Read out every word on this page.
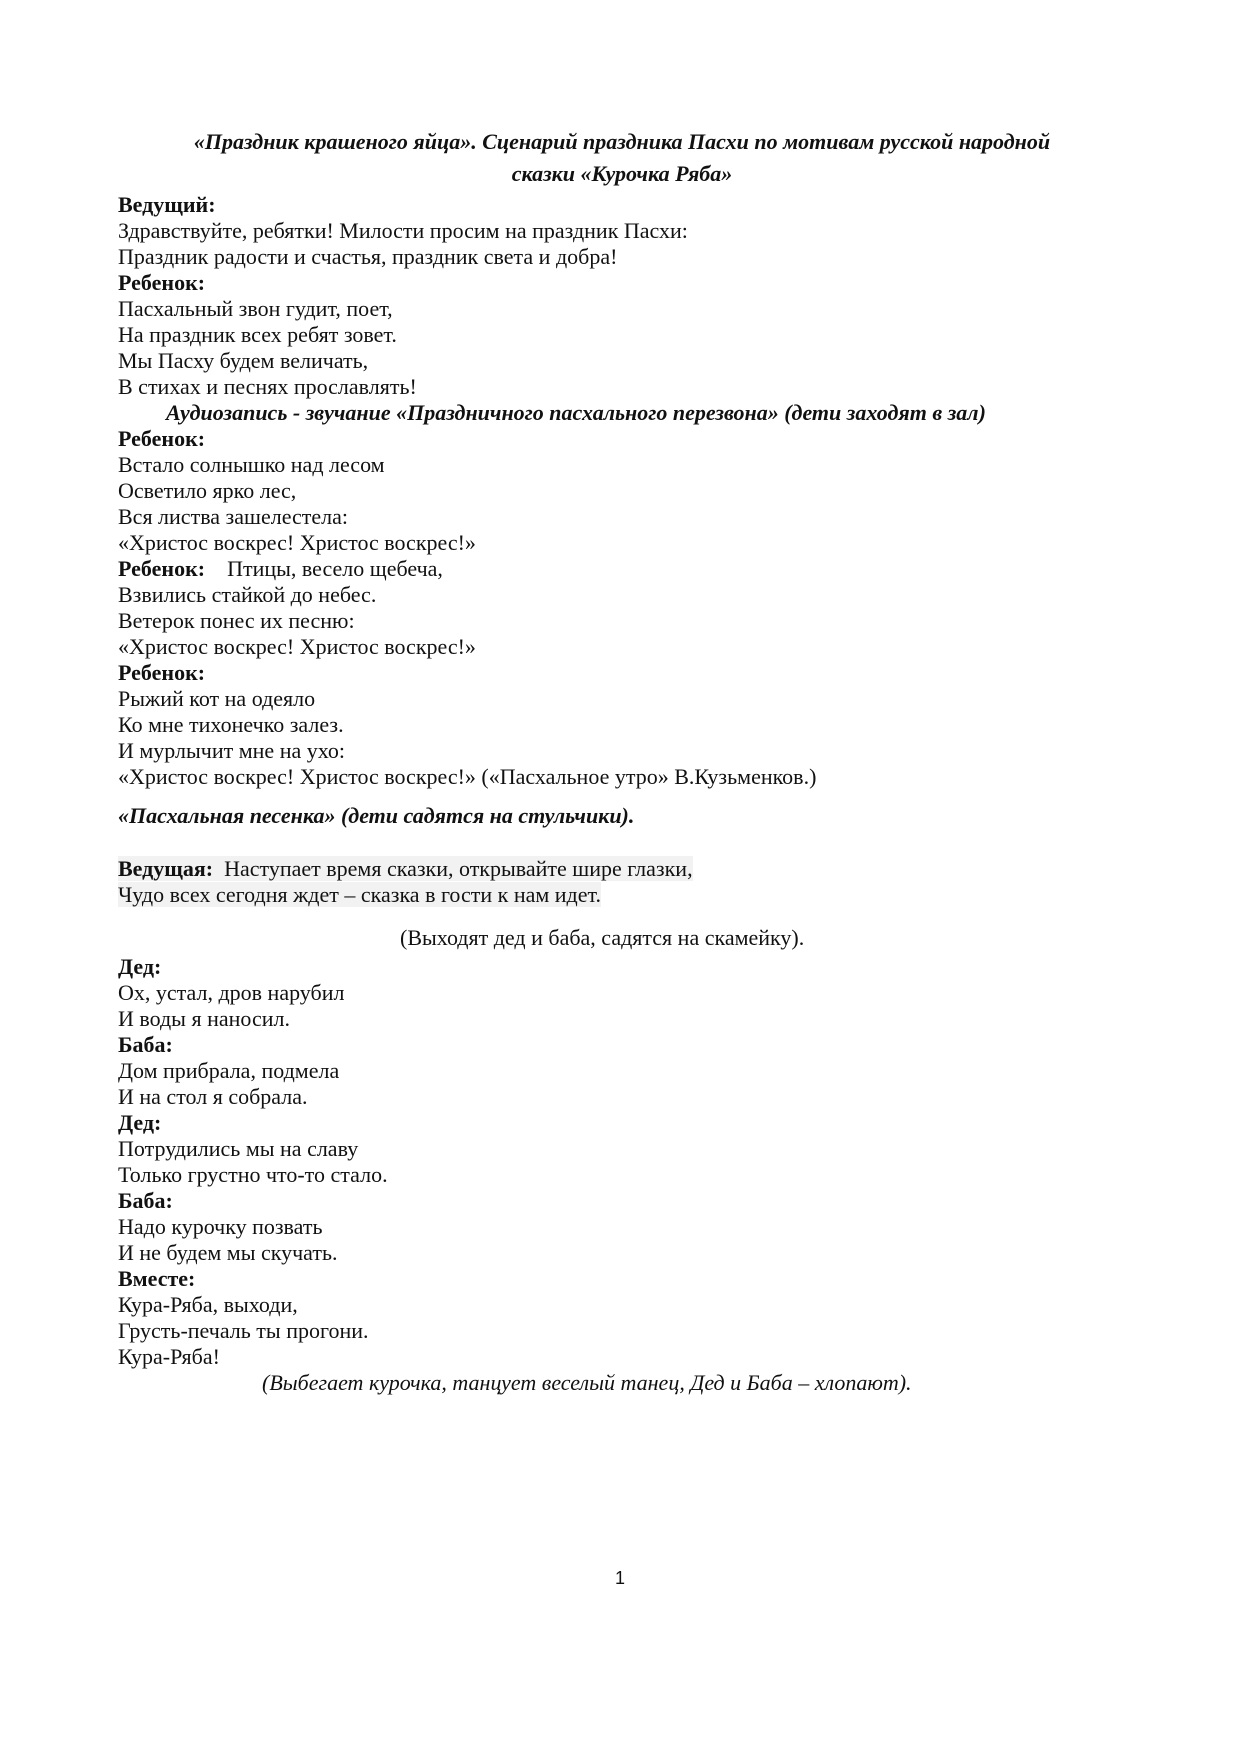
«Праздник крашеного яйца». Сценарий праздника Пасхи по мотивам русской народной
сказки «Курочка Ряба»
Ведущий:
Здравствуйте, ребятки! Милости просим на праздник Пасхи:
Праздник радости и счастья, праздник света и добра!
Ребенок:
Пасхальный звон гудит, поет,
На праздник всех ребят зовет.
Мы Пасху будем величать,
В стихах и песнях прославлять!
Аудиозапись - звучание «Праздничного пасхального перезвона» (дети заходят в зал)
Ребенок:
Встало солнышко над лесом
Осветило ярко лес,
Вся листва зашелестела:
«Христос воскрес! Христос воскрес!»
Ребенок: Птицы, весело щебеча,
Взвились стайкой до небес.
Ветерок понес их песню:
«Христос воскрес! Христос воскрес!»
Ребенок:
Рыжий кот на одеяло
Ко мне тихонечко залез.
И мурлычит мне на ухо:
«Христос воскрес! Христос воскрес!» («Пасхальное утро» В.Кузьменков.)
«Пасхальная песенка» (дети садятся на стульчики).
Ведущая: Наступает время сказки, открывайте шире глазки,
Чудо всех сегодня ждет – сказка в гости к нам идет.
(Выходят дед и баба, садятся на скамейку).
Дед:
Ох, устал, дров нарубил
И воды я наносил.
Баба:
Дом прибрала, подмела
И на стол я собрала.
Дед:
Потрудились мы на славу
Только грустно что-то стало.
Баба:
Надо курочку позвать
И не будем мы скучать.
Вместе:
Кура-Ряба, выходи,
Грусть-печаль ты прогони.
Кура-Ряба!
(Выбегает курочка, танцует веселый танец, Дед и Баба – хлопают).
1
